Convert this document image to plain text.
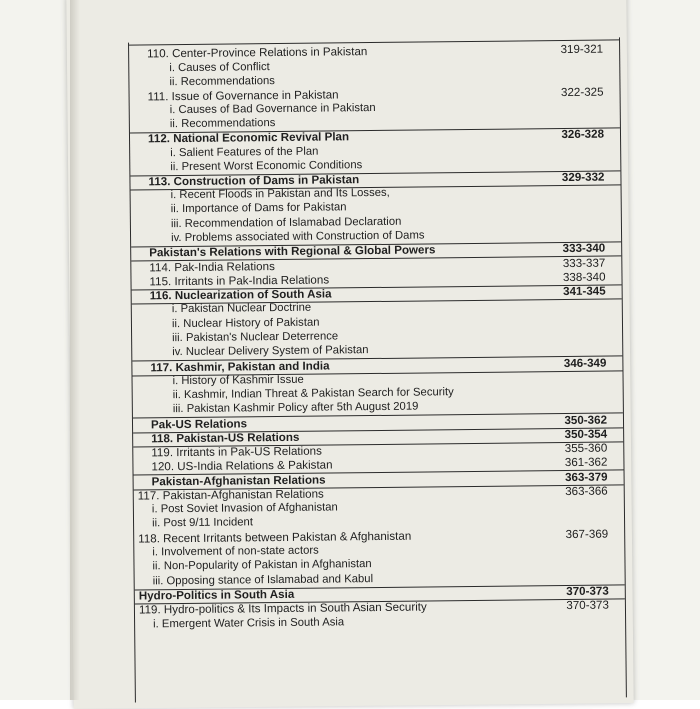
110. Center-Province Relations in Pakistan	319-321
i. Causes of Conflict
ii. Recommendations
111. Issue of Governance in Pakistan	322-325
i. Causes of Bad Governance in Pakistan
ii. Recommendations
112. National Economic Revival Plan	326-328
i. Salient Features of the Plan
ii. Present Worst Economic Conditions
113. Construction of Dams in Pakistan	329-332
i. Recent Floods in Pakistan and Its Losses,
ii. Importance of Dams for Pakistan
iii. Recommendation of Islamabad Declaration
iv. Problems associated with Construction of Dams
Pakistan's Relations with Regional & Global Powers	333-340
114. Pak-India Relations	333-337
115. Irritants in Pak-India Relations	338-340
116. Nuclearization of South Asia	341-345
i. Pakistan Nuclear Doctrine
ii. Nuclear History of Pakistan
iii. Pakistan's Nuclear Deterrence
iv. Nuclear Delivery System of Pakistan
117. Kashmir, Pakistan and India	346-349
i. History of Kashmir Issue
ii. Kashmir, Indian Threat & Pakistan Search for Security
iii. Pakistan Kashmir Policy after 5th August 2019
Pak-US Relations	350-362
118. Pakistan-US Relations	350-354
119. Irritants in Pak-US Relations	355-360
120. US-India Relations & Pakistan	361-362
Pakistan-Afghanistan Relations	363-379
117. Pakistan-Afghanistan Relations	363-366
i. Post Soviet Invasion of Afghanistan
ii. Post 9/11 Incident
118. Recent Irritants between Pakistan & Afghanistan	367-369
i. Involvement of non-state actors
ii. Non-Popularity of Pakistan in Afghanistan
iii. Opposing stance of Islamabad and Kabul
Hydro-Politics in South Asia	370-373
119. Hydro-politics & Its Impacts in South Asian Security	370-373
i. Emergent Water Crisis in South Asia
